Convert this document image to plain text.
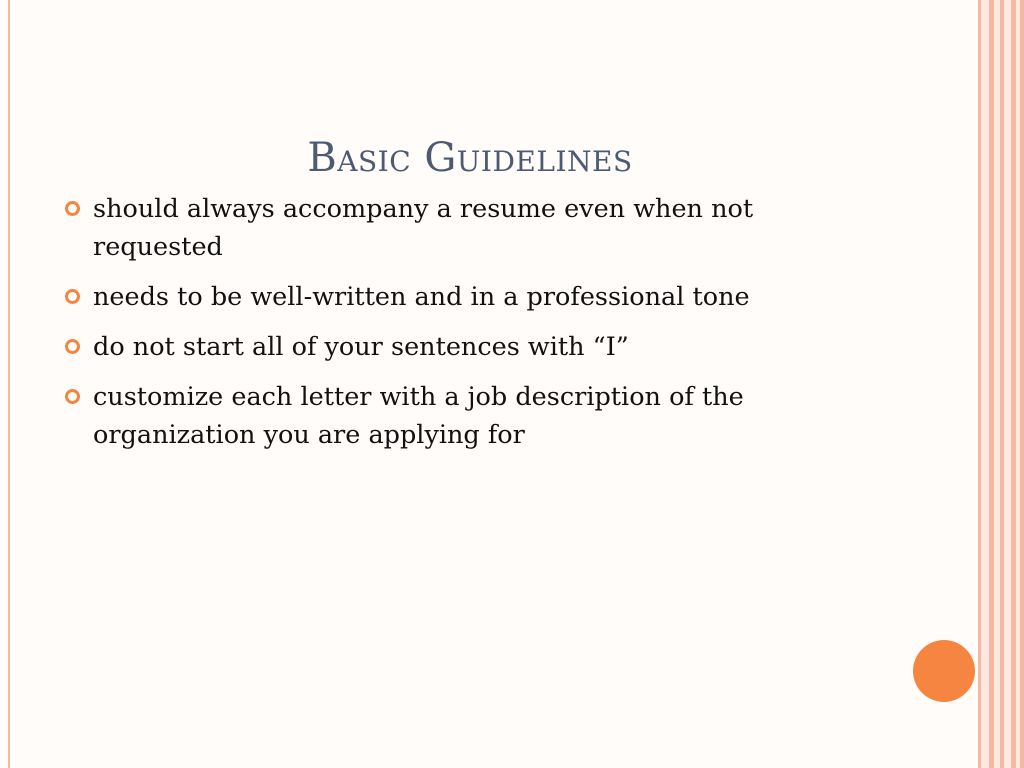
Basic Guidelines
should always accompany a resume even when not requested
needs to be well-written and in a professional tone
do not start all of your sentences with “I”
customize each letter with a job description of the organization you are applying for
